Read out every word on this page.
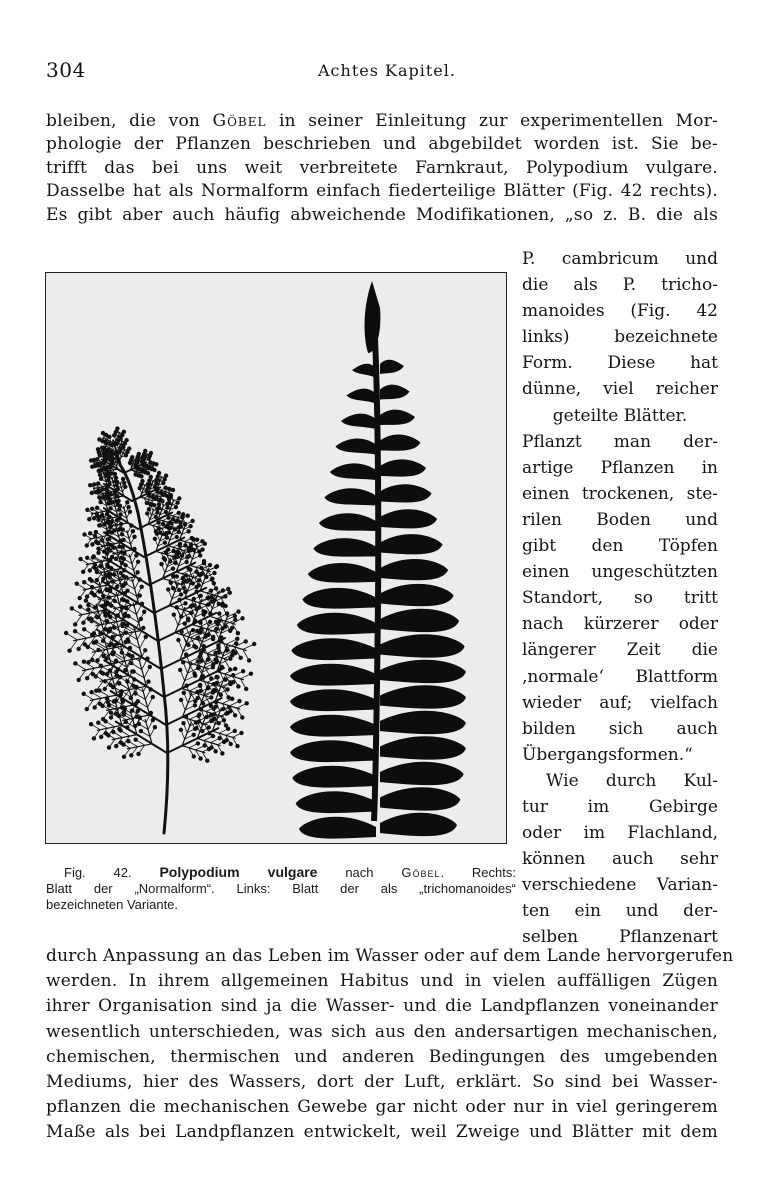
304	Achtes Kapitel.
bleiben, die von Göbel in seiner Einleitung zur experimentellen Mor-
phologie der Pflanzen beschrieben und abgebildet worden ist. Sie be-
trifft das bei uns weit verbreitete Farnkraut, Polypodium vulgare.
Dasselbe hat als Normalform einfach fiederteilige Blätter (Fig. 42 rechts).
Es gibt aber auch häufig abweichende Modifikationen, „so z. B. die als
P. cambricum und
die als P. tricho-
manoides (Fig. 42
links) bezeichnete
Form. Diese hat
dünne, viel reicher
geteilte Blätter.
Pflanzt man der-
artige Pflanzen in
einen trockenen, ste-
rilen Boden und
gibt den Töpfen
einen ungeschützten
Standort, so tritt
nach kürzerer oder
längerer Zeit die
‚normale‘ Blattform
wieder auf; vielfach
bilden sich auch
Übergangsformen.“
Wie durch Kul-
tur im Gebirge
oder im Flachland,
können auch sehr
verschiedene Varian-
ten ein und der-
selben Pflanzenart
Fig. 42. Polypodium vulgare nach Göbel. Rechts:
Blatt der „Normalform“. Links: Blatt der als „trichomanoides“
bezeichneten Variante.
durch Anpassung an das Leben im Wasser oder auf dem Lande hervorgerufen
werden. In ihrem allgemeinen Habitus und in vielen auffälligen Zügen
ihrer Organisation sind ja die Wasser- und die Landpflanzen voneinander
wesentlich unterschieden, was sich aus den andersartigen mechanischen,
chemischen, thermischen und anderen Bedingungen des umgebenden
Mediums, hier des Wassers, dort der Luft, erklärt. So sind bei Wasser-
pflanzen die mechanischen Gewebe gar nicht oder nur in viel geringerem
Maße als bei Landpflanzen entwickelt, weil Zweige und Blätter mit dem
